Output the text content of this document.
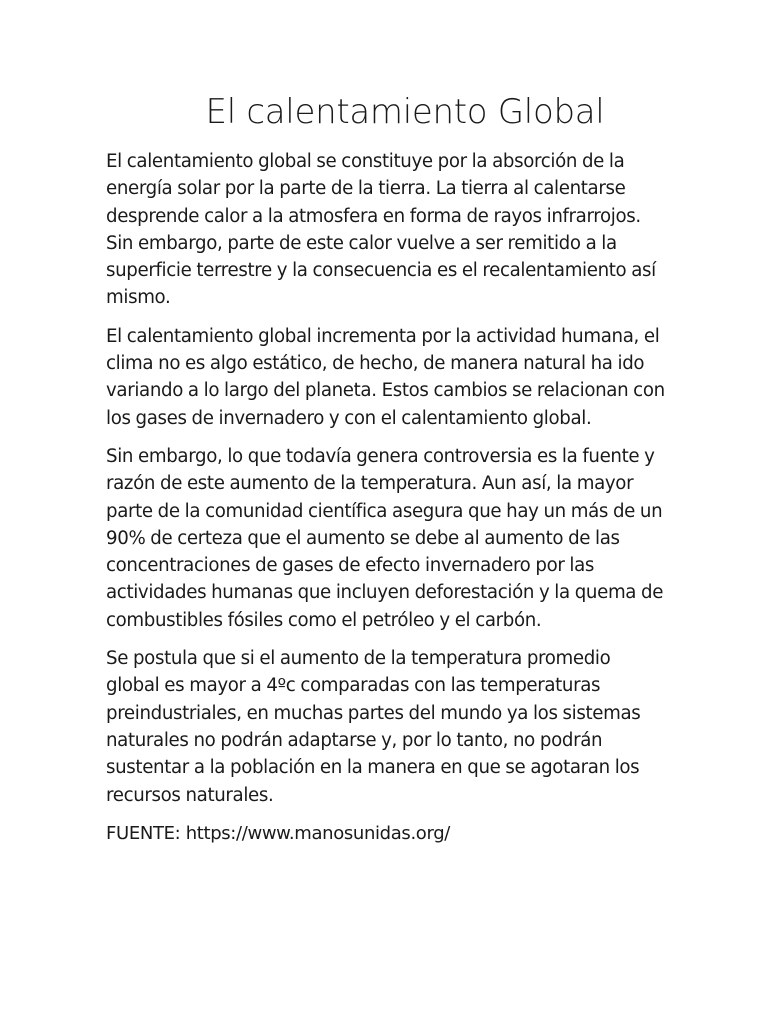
El calentamiento Global

El calentamiento global se constituye por la absorción de la energía solar por la parte de la tierra. La tierra al calentarse desprende calor a la atmosfera en forma de rayos infrarrojos. Sin embargo, parte de este calor vuelve a ser remitido a la superficie terrestre y la consecuencia es el recalentamiento así mismo.

El calentamiento global incrementa por la actividad humana, el clima no es algo estático, de hecho, de manera natural ha ido variando a lo largo del planeta. Estos cambios se relacionan con los gases de invernadero y con el calentamiento global.

Sin embargo, lo que todavía genera controversia es la fuente y razón de este aumento de la temperatura. Aun así, la mayor parte de la comunidad científica asegura que hay un más de un 90% de certeza que el aumento se debe al aumento de las concentraciones de gases de efecto invernadero por las actividades humanas que incluyen deforestación y la quema de combustibles fósiles como el petróleo y el carbón.

Se postula que si el aumento de la temperatura promedio global es mayor a 4ºc comparadas con las temperaturas preindustriales, en muchas partes del mundo ya los sistemas naturales no podrán adaptarse y, por lo tanto, no podrán sustentar a la población en la manera en que se agotaran los recursos naturales.

FUENTE: https://www.manosunidas.org/
